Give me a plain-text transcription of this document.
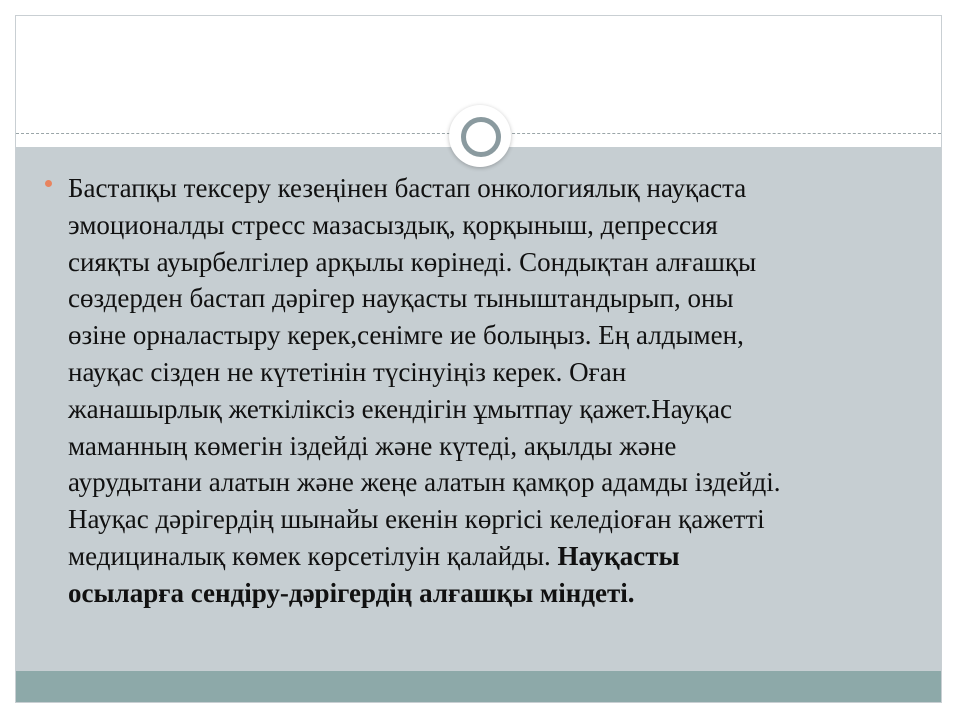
Бастапқы тексеру кезеңінен бастап онкологиялық науқаста
эмоционалды стресс мазасыздық, қорқыныш, депрессия
сияқты ауырбелгілер арқылы көрінеді. Сондықтан алғашқы
сөздерден бастап дәрігер науқасты тыныштандырып, оны
өзіне орналастыру керек,сенімге ие болыңыз. Ең алдымен,
науқас сізден не күтетінін түсінуіңіз керек. Оған
жанашырлық жеткіліксіз екендігін ұмытпау қажет.Науқас
маманның көмегін іздейді және күтеді, ақылды және
аурудытани алатын және жеңе алатын қамқор адамды іздейді.
Науқас дәрігердің шынайы екенін көргісі келедіоған қажетті
медициналық көмек көрсетілуін қалайды. Науқасты
осыларға сендіру-дәрігердің алғашқы міндеті.
